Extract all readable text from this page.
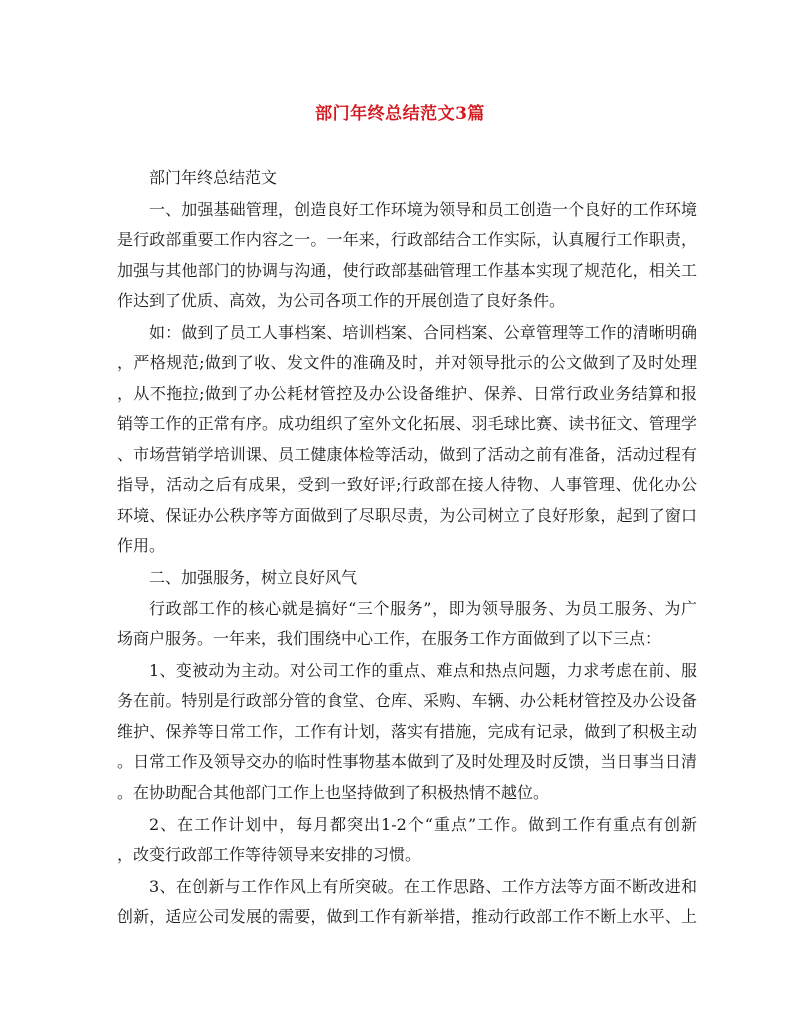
部门年终总结范文3篇
部门年终总结范文
一、加强基础管理，创造良好工作环境为领导和员工创造一个良好的工作环境
是行政部重要工作内容之一。一年来，行政部结合工作实际，认真履行工作职责，
加强与其他部门的协调与沟通，使行政部基础管理工作基本实现了规范化，相关工
作达到了优质、高效，为公司各项工作的开展创造了良好条件。
如：做到了员工人事档案、培训档案、合同档案、公章管理等工作的清晰明确
，严格规范;做到了收、发文件的准确及时，并对领导批示的公文做到了及时处理
，从不拖拉;做到了办公耗材管控及办公设备维护、保养、日常行政业务结算和报
销等工作的正常有序。成功组织了室外文化拓展、羽毛球比赛、读书征文、管理学
、市场营销学培训课、员工健康体检等活动，做到了活动之前有准备，活动过程有
指导，活动之后有成果，受到一致好评;行政部在接人待物、人事管理、优化办公
环境、保证办公秩序等方面做到了尽职尽责，为公司树立了良好形象，起到了窗口
作用。
二、加强服务，树立良好风气
行政部工作的核心就是搞好“三个服务”，即为领导服务、为员工服务、为广
场商户服务。一年来，我们围绕中心工作，在服务工作方面做到了以下三点：
1、变被动为主动。对公司工作的重点、难点和热点问题，力求考虑在前、服
务在前。特别是行政部分管的食堂、仓库、采购、车辆、办公耗材管控及办公设备
维护、保养等日常工作，工作有计划，落实有措施，完成有记录，做到了积极主动
。日常工作及领导交办的临时性事物基本做到了及时处理及时反馈，当日事当日清
。在协助配合其他部门工作上也坚持做到了积极热情不越位。
2、在工作计划中，每月都突出1-2个“重点”工作。做到工作有重点有创新
，改变行政部工作等待领导来安排的习惯。
3、在创新与工作作风上有所突破。在工作思路、工作方法等方面不断改进和
创新，适应公司发展的需要，做到工作有新举措，推动行政部工作不断上水平、上
